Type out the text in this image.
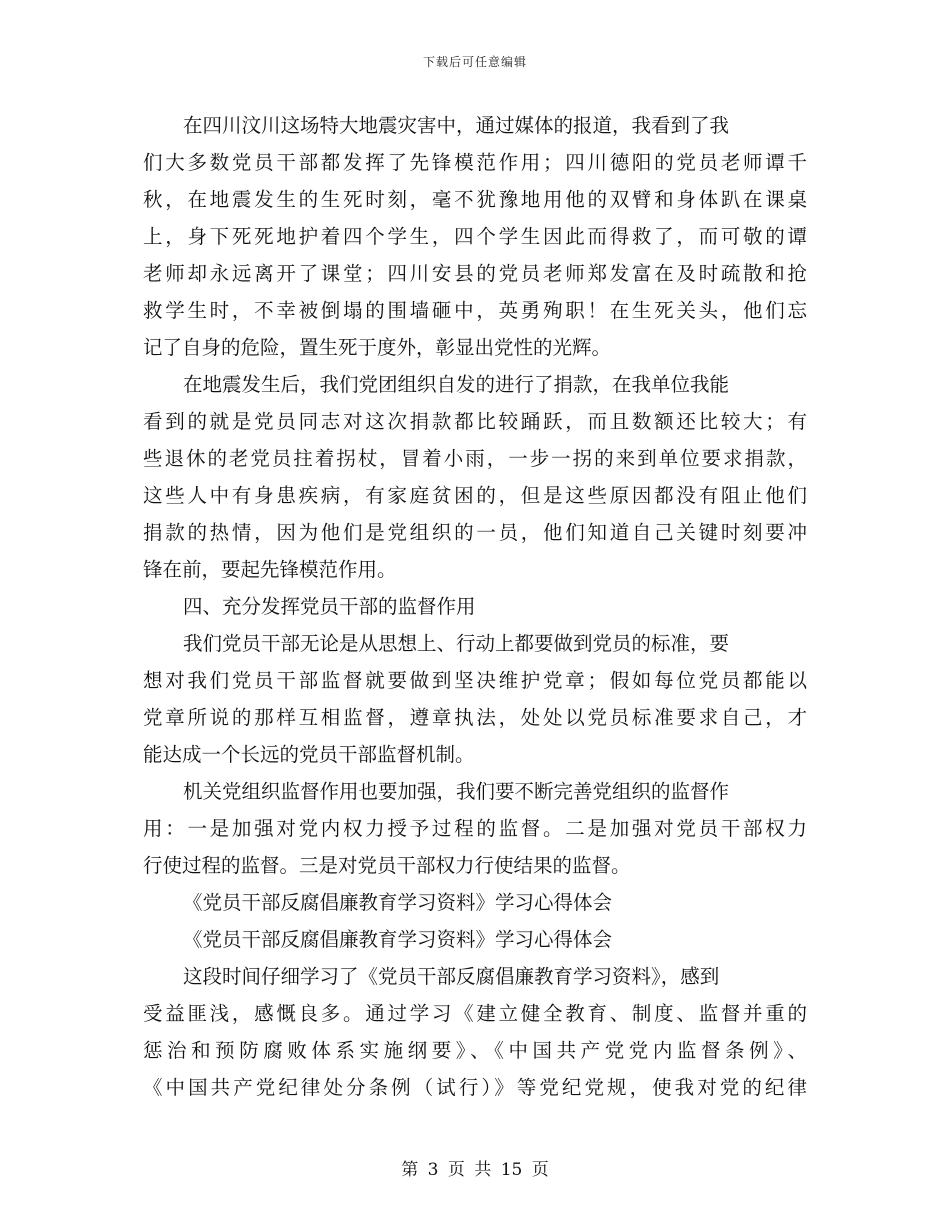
下载后可任意编辑
在四川汶川这场特大地震灾害中，通过媒体的报道，我看到了我
们大多数党员干部都发挥了先锋模范作用；四川德阳的党员老师谭千
秋，在地震发生的生死时刻，毫不犹豫地用他的双臂和身体趴在课桌
上，身下死死地护着四个学生，四个学生因此而得救了，而可敬的谭
老师却永远离开了课堂；四川安县的党员老师郑发富在及时疏散和抢
救学生时，不幸被倒塌的围墙砸中，英勇殉职！在生死关头，他们忘
记了自身的危险，置生死于度外，彰显出党性的光辉。
在地震发生后，我们党团组织自发的进行了捐款，在我单位我能
看到的就是党员同志对这次捐款都比较踊跃，而且数额还比较大；有
些退休的老党员拄着拐杖，冒着小雨，一步一拐的来到单位要求捐款，
这些人中有身患疾病，有家庭贫困的，但是这些原因都没有阻止他们
捐款的热情，因为他们是党组织的一员，他们知道自己关键时刻要冲
锋在前，要起先锋模范作用。
四、充分发挥党员干部的监督作用
我们党员干部无论是从思想上、行动上都要做到党员的标准，要
想对我们党员干部监督就要做到坚决维护党章；假如每位党员都能以
党章所说的那样互相监督，遵章执法，处处以党员标准要求自己，才
能达成一个长远的党员干部监督机制。
机关党组织监督作用也要加强，我们要不断完善党组织的监督作
用：一是加强对党内权力授予过程的监督。二是加强对党员干部权力
行使过程的监督。三是对党员干部权力行使结果的监督。
《党员干部反腐倡廉教育学习资料》学习心得体会
《党员干部反腐倡廉教育学习资料》学习心得体会
这段时间仔细学习了《党员干部反腐倡廉教育学习资料》，感到
受益匪浅，感慨良多。通过学习《建立健全教育、制度、监督并重的
惩治和预防腐败体系实施纲要》、《中国共产党党内监督条例》、
《中国共产党纪律处分条例（试行）》等党纪党规，使我对党的纪律
第 3 页 共 15 页
